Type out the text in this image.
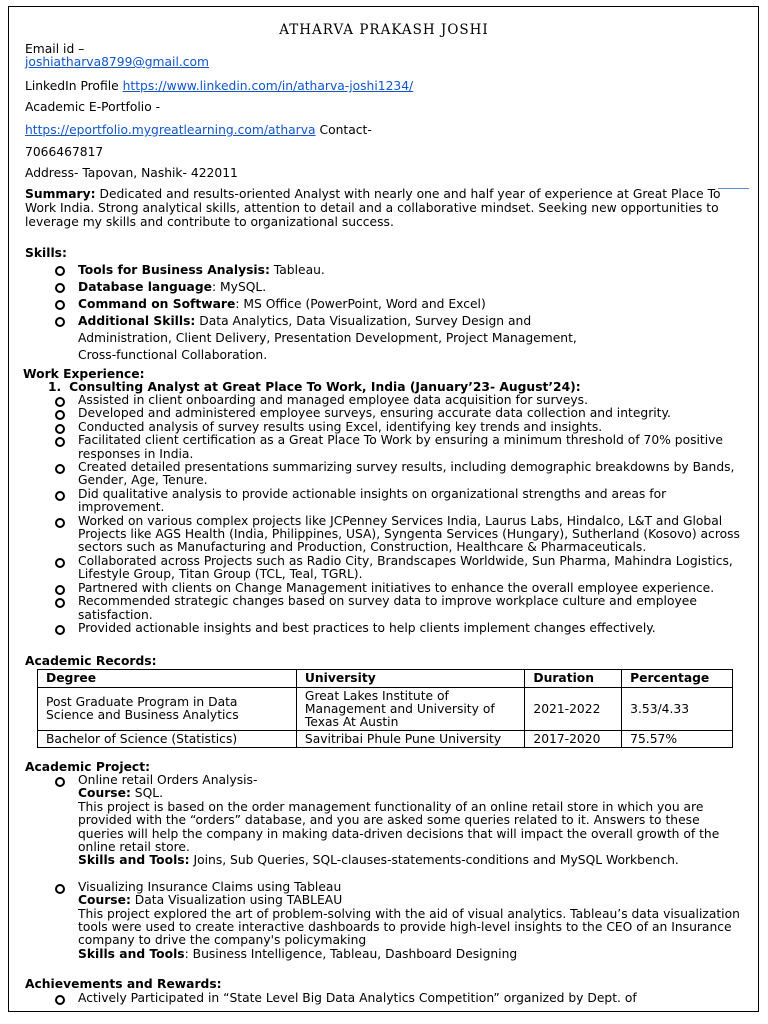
ATHARVA PRAKASH JOSHI
Email id –
joshiatharva8799@gmail.com
LinkedIn Profile https://www.linkedin.com/in/atharva-joshi1234/
Academic E-Portfolio -
https://eportfolio.mygreatlearning.com/atharva Contact-
7066467817
Address- Tapovan, Nashik- 422011
Summary: Dedicated and results-oriented Analyst with nearly one and half year of experience at Great Place To Work India. Strong analytical skills, attention to detail and a collaborative mindset. Seeking new opportunities to leverage my skills and contribute to organizational success.
Skills:
Tools for Business Analysis: Tableau.
Database language: MySQL.
Command on Software: MS Office (PowerPoint, Word and Excel)
Additional Skills: Data Analytics, Data Visualization, Survey Design and Administration, Client Delivery, Presentation Development, Project Management, Cross-functional Collaboration.
Work Experience:
1. Consulting Analyst at Great Place To Work, India (January’23- August’24):
Assisted in client onboarding and managed employee data acquisition for surveys.
Developed and administered employee surveys, ensuring accurate data collection and integrity.
Conducted analysis of survey results using Excel, identifying key trends and insights.
Facilitated client certification as a Great Place To Work by ensuring a minimum threshold of 70% positive responses in India.
Created detailed presentations summarizing survey results, including demographic breakdowns by Bands, Gender, Age, Tenure.
Did qualitative analysis to provide actionable insights on organizational strengths and areas for improvement.
Worked on various complex projects like JCPenney Services India, Laurus Labs, Hindalco, L&T and Global Projects like AGS Health (India, Philippines, USA), Syngenta Services (Hungary), Sutherland (Kosovo) across sectors such as Manufacturing and Production, Construction, Healthcare & Pharmaceuticals.
Collaborated across Projects such as Radio City, Brandscapes Worldwide, Sun Pharma, Mahindra Logistics, Lifestyle Group, Titan Group (TCL, Teal, TGRL).
Partnered with clients on Change Management initiatives to enhance the overall employee experience.
Recommended strategic changes based on survey data to improve workplace culture and employee satisfaction.
Provided actionable insights and best practices to help clients implement changes effectively.
Academic Records:
Degree	University	Duration	Percentage
Post Graduate Program in Data Science and Business Analytics	Great Lakes Institute of Management and University of Texas At Austin	2021-2022	3.53/4.33
Bachelor of Science (Statistics)	Savitribai Phule Pune University	2017-2020	75.57%
Academic Project:
Online retail Orders Analysis-
Course: SQL.
This project is based on the order management functionality of an online retail store in which you are provided with the “orders” database, and you are asked some queries related to it. Answers to these queries will help the company in making data-driven decisions that will impact the overall growth of the online retail store.
Skills and Tools: Joins, Sub Queries, SQL-clauses-statements-conditions and MySQL Workbench.
Visualizing Insurance Claims using Tableau
Course: Data Visualization using TABLEAU
This project explored the art of problem-solving with the aid of visual analytics. Tableau’s data visualization tools were used to create interactive dashboards to provide high-level insights to the CEO of an Insurance company to drive the company's policymaking
Skills and Tools: Business Intelligence, Tableau, Dashboard Designing
Achievements and Rewards:
Actively Participated in “State Level Big Data Analytics Competition” organized by Dept. of
